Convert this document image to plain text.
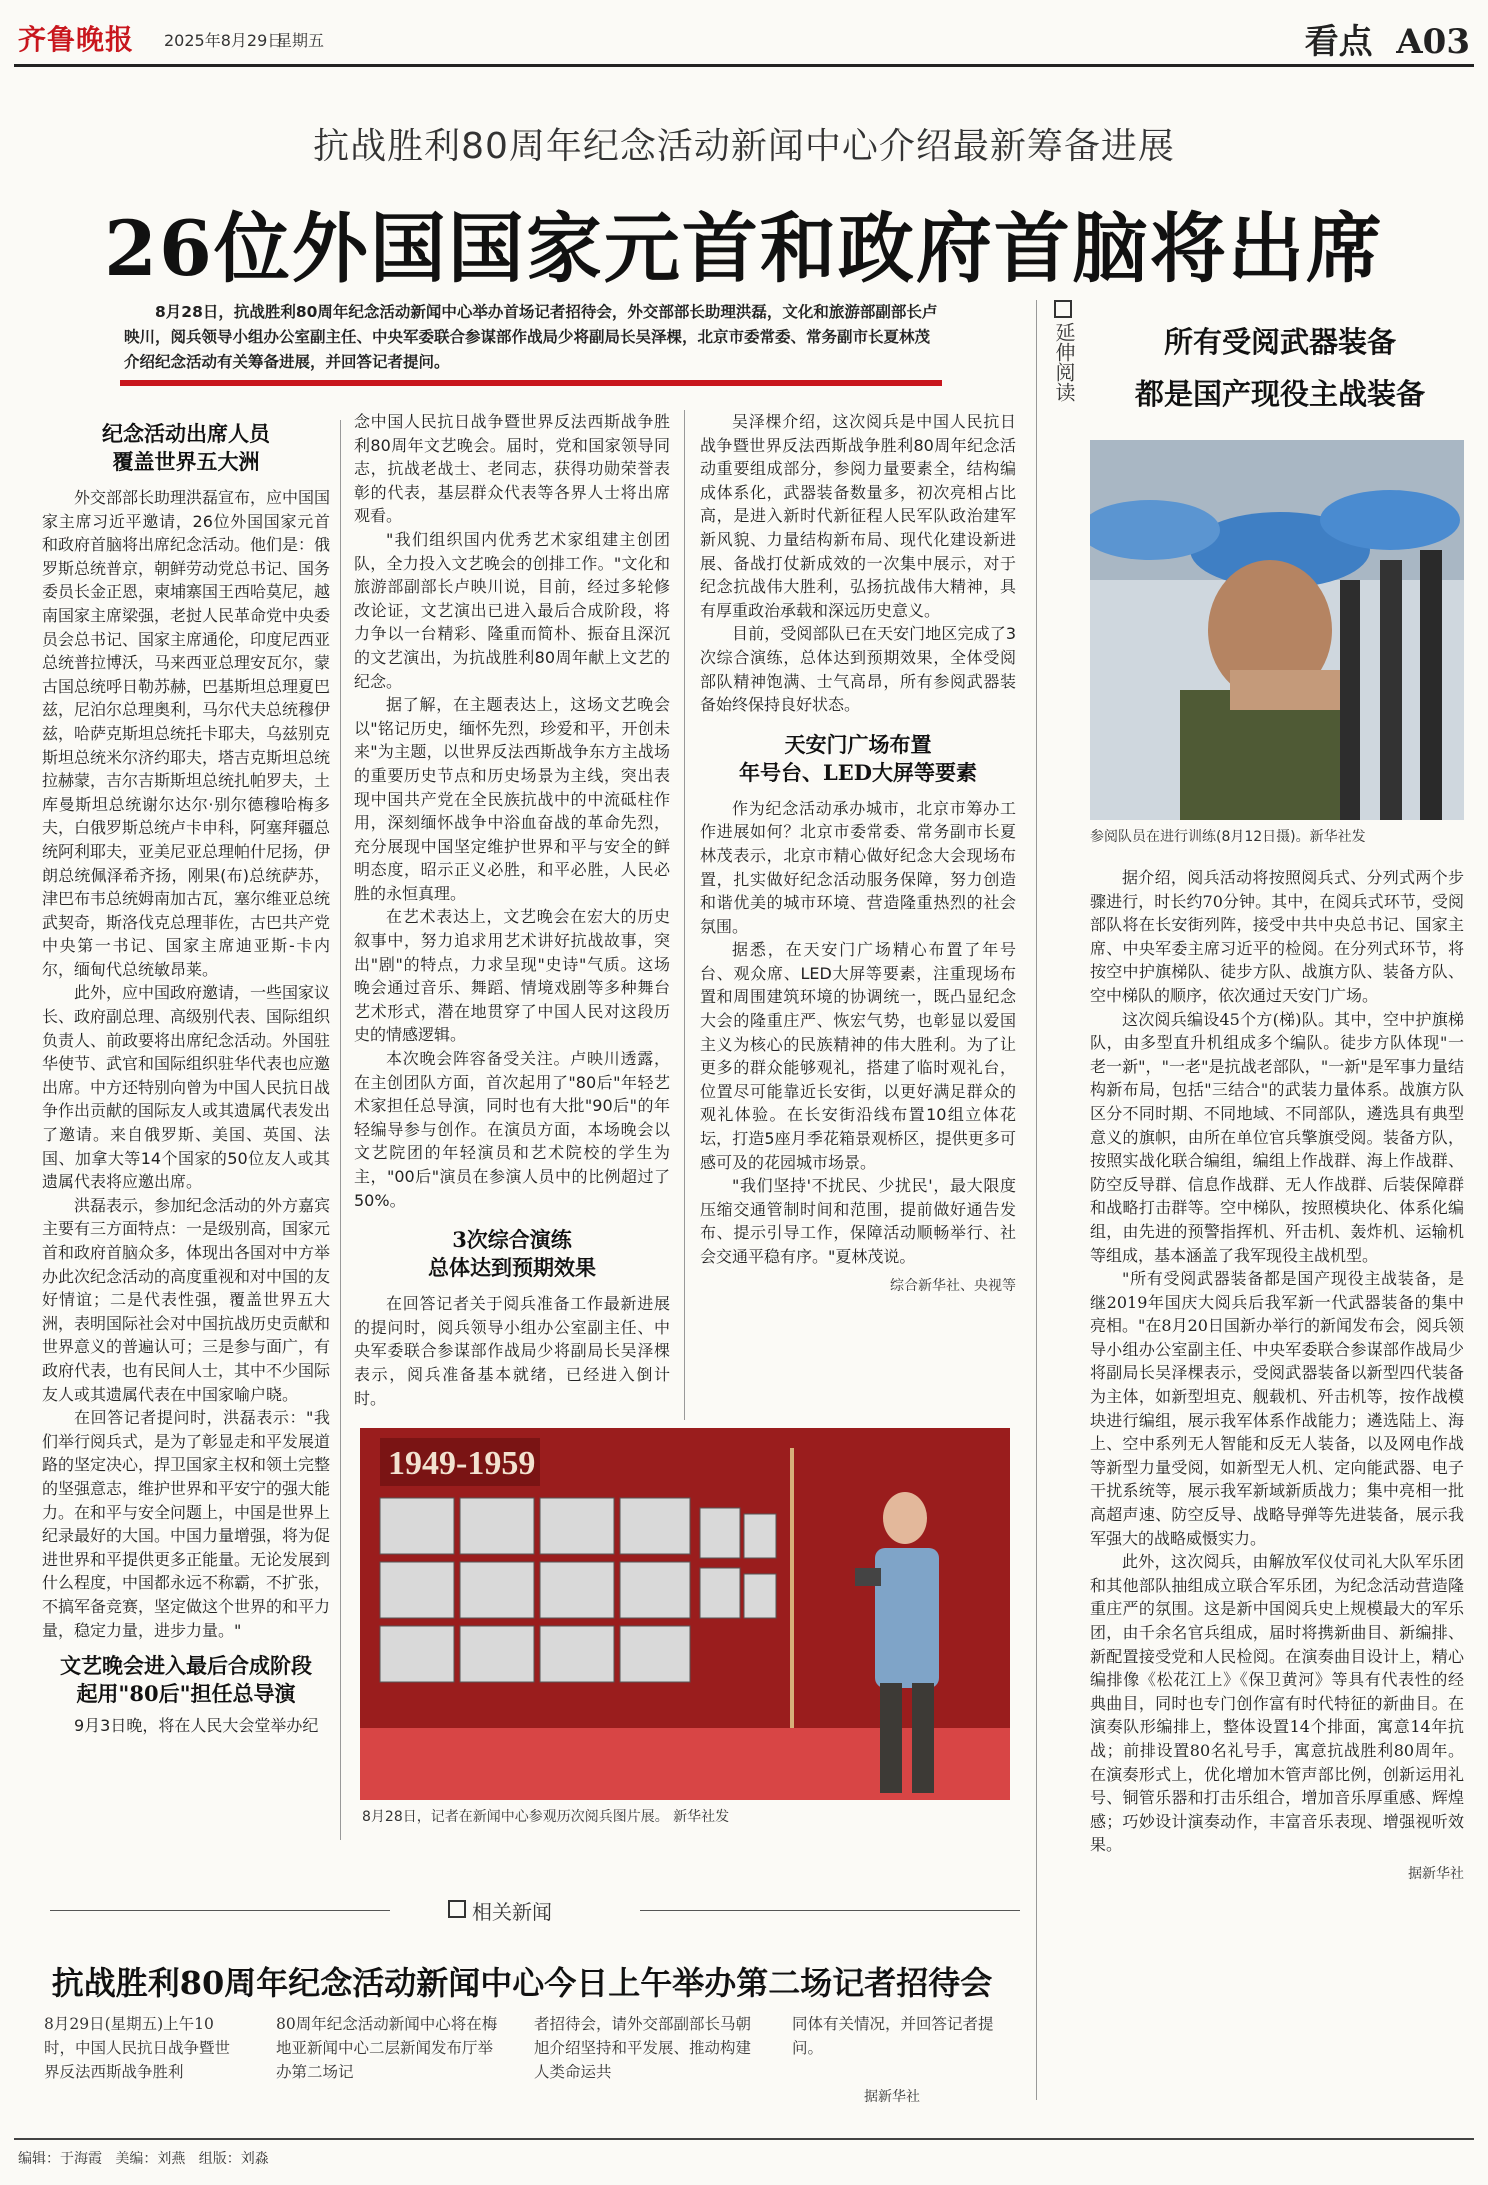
齐鲁晚报 2025年8月29日
星期五	看点  A03
抗战胜利80周年纪念活动新闻中心介绍最新筹备进展
26位外国国家元首和政府首脑将出席
8月28日，抗战胜利80周年纪念活动新闻中心举办首场记者招待会，外交部部长助理洪磊，文化和旅游部副部长卢映川，阅兵领导小组办公室副主任、中央军委联合参谋部作战局少将副局长吴泽棵，北京市委常委、常务副市长夏林茂介绍纪念活动有关筹备进展，并回答记者提问。
纪念活动出席人员
覆盖世界五大洲

外交部部长助理洪磊宣布，应中国国家主席习近平邀请，26位外国国家元首和政府首脑将出席纪念活动。他们是：俄罗斯总统普京，朝鲜劳动党总书记、国务委员长金正恩，柬埔寨国王西哈莫尼，越南国家主席梁强，老挝人民革命党中央委员会总书记、国家主席通伦，印度尼西亚总统普拉博沃，马来西亚总理安瓦尔，蒙古国总统呼日勒苏赫，巴基斯坦总理夏巴兹，尼泊尔总理奥利，马尔代夫总统穆伊兹，哈萨克斯坦总统托卡耶夫，乌兹别克斯坦总统米尔济约耶夫，塔吉克斯坦总统拉赫蒙，吉尔吉斯斯坦总统扎帕罗夫，土库曼斯坦总统谢尔达尔·别尔德穆哈梅多夫，白俄罗斯总统卢卡申科，阿塞拜疆总统阿利耶夫，亚美尼亚总理帕什尼扬，伊朗总统佩泽希齐扬，刚果(布)总统萨苏，津巴布韦总统姆南加古瓦，塞尔维亚总统武契奇，斯洛伐克总理菲佐，古巴共产党中央第一书记、国家主席迪亚斯-卡内尔，缅甸代总统敏昂莱。

此外，应中国政府邀请，一些国家议长、政府副总理、高级别代表、国际组织负责人、前政要将出席纪念活动。外国驻华使节、武官和国际组织驻华代表也应邀出席。中方还特别向曾为中国人民抗日战争作出贡献的国际友人或其遗属代表发出了邀请。来自俄罗斯、美国、英国、法国、加拿大等14个国家的50位友人或其遗属代表将应邀出席。

洪磊表示，参加纪念活动的外方嘉宾主要有三方面特点：一是级别高，国家元首和政府首脑众多，体现出各国对中方举办此次纪念活动的高度重视和对中国的友好情谊；二是代表性强，覆盖世界五大洲，表明国际社会对中国抗战历史贡献和世界意义的普遍认可；三是参与面广，有政府代表，也有民间人士，其中不少国际友人或其遗属代表在中国家喻户晓。

在回答记者提问时，洪磊表示："我们举行阅兵式，是为了彰显走和平发展道路的坚定决心，捍卫国家主权和领土完整的坚强意志，维护世界和平安宁的强大能力。在和平与安全问题上，中国是世界上纪录最好的大国。中国力量增强，将为促进世界和平提供更多正能量。无论发展到什么程度，中国都永远不称霸，不扩张，不搞军备竞赛，坚定做这个世界的和平力量，稳定力量，进步力量。"

文艺晚会进入最后合成阶段
起用"80后"担任总导演

9月3日晚，将在人民大会堂举办纪

念中国人民抗日战争暨世界反法西斯战争胜利80周年文艺晚会。届时，党和国家领导同志，抗战老战士、老同志，获得功勋荣誉表彰的代表，基层群众代表等各界人士将出席观看。

"我们组织国内优秀艺术家组建主创团队，全力投入文艺晚会的创排工作。"文化和旅游部副部长卢映川说，目前，经过多轮修改论证，文艺演出已进入最后合成阶段，将力争以一台精彩、隆重而简朴、振奋且深沉的文艺演出，为抗战胜利80周年献上文艺的纪念。

据了解，在主题表达上，这场文艺晚会以"铭记历史，缅怀先烈，珍爱和平，开创未来"为主题，以世界反法西斯战争东方主战场的重要历史节点和历史场景为主线，突出表现中国共产党在全民族抗战中的中流砥柱作用，深刻缅怀战争中浴血奋战的革命先烈，充分展现中国坚定维护世界和平与安全的鲜明态度，昭示正义必胜，和平必胜，人民必胜的永恒真理。

在艺术表达上，文艺晚会在宏大的历史叙事中，努力追求用艺术讲好抗战故事，突出"剧"的特点，力求呈现"史诗"气质。这场晚会通过音乐、舞蹈、情境戏剧等多种舞台艺术形式，潜在地贯穿了中国人民对这段历史的情感逻辑。

本次晚会阵容备受关注。卢映川透露，在主创团队方面，首次起用了"80后"年轻艺术家担任总导演，同时也有大批"90后"的年轻编导参与创作。在演员方面，本场晚会以文艺院团的年轻演员和艺术院校的学生为主，"00后"演员在参演人员中的比例超过了50%。

3次综合演练
总体达到预期效果

在回答记者关于阅兵准备工作最新进展的提问时，阅兵领导小组办公室副主任、中央军委联合参谋部作战局少将副局长吴泽棵表示，阅兵准备基本就绪，已经进入倒计时。

吴泽棵介绍，这次阅兵是中国人民抗日战争暨世界反法西斯战争胜利80周年纪念活动重要组成部分，参阅力量要素全，结构编成体系化，武器装备数量多，初次亮相占比高，是进入新时代新征程人民军队政治建军新风貌、力量结构新布局、现代化建设新进展、备战打仗新成效的一次集中展示，对于纪念抗战伟大胜利，弘扬抗战伟大精神，具有厚重政治承载和深远历史意义。

目前，受阅部队已在天安门地区完成了3次综合演练，总体达到预期效果，全体受阅部队精神饱满、士气高昂，所有参阅武器装备始终保持良好状态。

天安门广场布置
年号台、LED大屏等要素

作为纪念活动承办城市，北京市筹办工作进展如何？北京市委常委、常务副市长夏林茂表示，北京市精心做好纪念大会现场布置，扎实做好纪念活动服务保障，努力创造和谐优美的城市环境、营造隆重热烈的社会氛围。

据悉，在天安门广场精心布置了年号台、观众席、LED大屏等要素，注重现场布置和周围建筑环境的协调统一，既凸显纪念大会的隆重庄严、恢宏气势，也彰显以爱国主义为核心的民族精神的伟大胜利。为了让更多的群众能够观礼，搭建了临时观礼台，位置尽可能靠近长安街，以更好满足群众的观礼体验。在长安街沿线布置10组立体花坛，打造5座月季花箱景观桥区，提供更多可感可及的花园城市场景。

"我们坚持'不扰民、少扰民'，最大限度压缩交通管制时间和范围，提前做好通告发布、提示引导工作，保障活动顺畅举行、社会交通平稳有序。"夏林茂说。

综合新华社、央视等
1949-1959
8月28日，记者在新闻中心参观历次阅兵图片展。 新华社发
延伸阅读	所有受阅武器装备
都是国产现役主战装备
参阅队员在进行训练(8月12日摄)。新华社发

据介绍，阅兵活动将按照阅兵式、分列式两个步骤进行，时长约70分钟。其中，在阅兵式环节，受阅部队将在长安街列阵，接受中共中央总书记、国家主席、中央军委主席习近平的检阅。在分列式环节，将按空中护旗梯队、徒步方队、战旗方队、装备方队、空中梯队的顺序，依次通过天安门广场。

这次阅兵编设45个方(梯)队。其中，空中护旗梯队，由多型直升机组成多个编队。徒步方队体现"一老一新"，"一老"是抗战老部队，"一新"是军事力量结构新布局，包括"三结合"的武装力量体系。战旗方队区分不同时期、不同地域、不同部队，遴选具有典型意义的旗帜，由所在单位官兵擎旗受阅。装备方队，按照实战化联合编组，编组上作战群、海上作战群、防空反导群、信息作战群、无人作战群、后装保障群和战略打击群等。空中梯队，按照模块化、体系化编组，由先进的预警指挥机、歼击机、轰炸机、运输机等组成，基本涵盖了我军现役主战机型。

"所有受阅武器装备都是国产现役主战装备，是继2019年国庆大阅兵后我军新一代武器装备的集中亮相。"在8月20日国新办举行的新闻发布会，阅兵领导小组办公室副主任、中央军委联合参谋部作战局少将副局长吴泽棵表示，受阅武器装备以新型四代装备为主体，如新型坦克、舰载机、歼击机等，按作战模块进行编组，展示我军体系作战能力；遴选陆上、海上、空中系列无人智能和反无人装备，以及网电作战等新型力量受阅，如新型无人机、定向能武器、电子干扰系统等，展示我军新域新质战力；集中亮相一批高超声速、防空反导、战略导弹等先进装备，展示我军强大的战略威慑实力。

此外，这次阅兵，由解放军仪仗司礼大队军乐团和其他部队抽组成立联合军乐团，为纪念活动营造隆重庄严的氛围。这是新中国阅兵史上规模最大的军乐团，由千余名官兵组成，届时将携新曲目、新编排、新配置接受党和人民检阅。在演奏曲目设计上，精心编排像《松花江上》《保卫黄河》等具有代表性的经典曲目，同时也专门创作富有时代特征的新曲目。在演奏队形编排上，整体设置14个排面，寓意14年抗战；前排设置80名礼号手，寓意抗战胜利80周年。在演奏形式上，优化增加木管声部比例，创新运用礼号、铜管乐器和打击乐组合，增加音乐厚重感、辉煌感；巧妙设计演奏动作，丰富音乐表现、增强视听效果。

据新华社
相关新闻
抗战胜利80周年纪念活动新闻中心今日上午举办第二场记者招待会
8月29日(星期五)上午10时，中国人民抗日战争暨世界反法西斯战争胜利
80周年纪念活动新闻中心将在梅地亚新闻中心二层新闻发布厅举办第二场记
者招待会，请外交部副部长马朝旭介绍坚持和平发展、推动构建人类命运共
同体有关情况，并回答记者提问。
据新华社
编辑：于海霞   美编：刘燕   组版：刘淼
